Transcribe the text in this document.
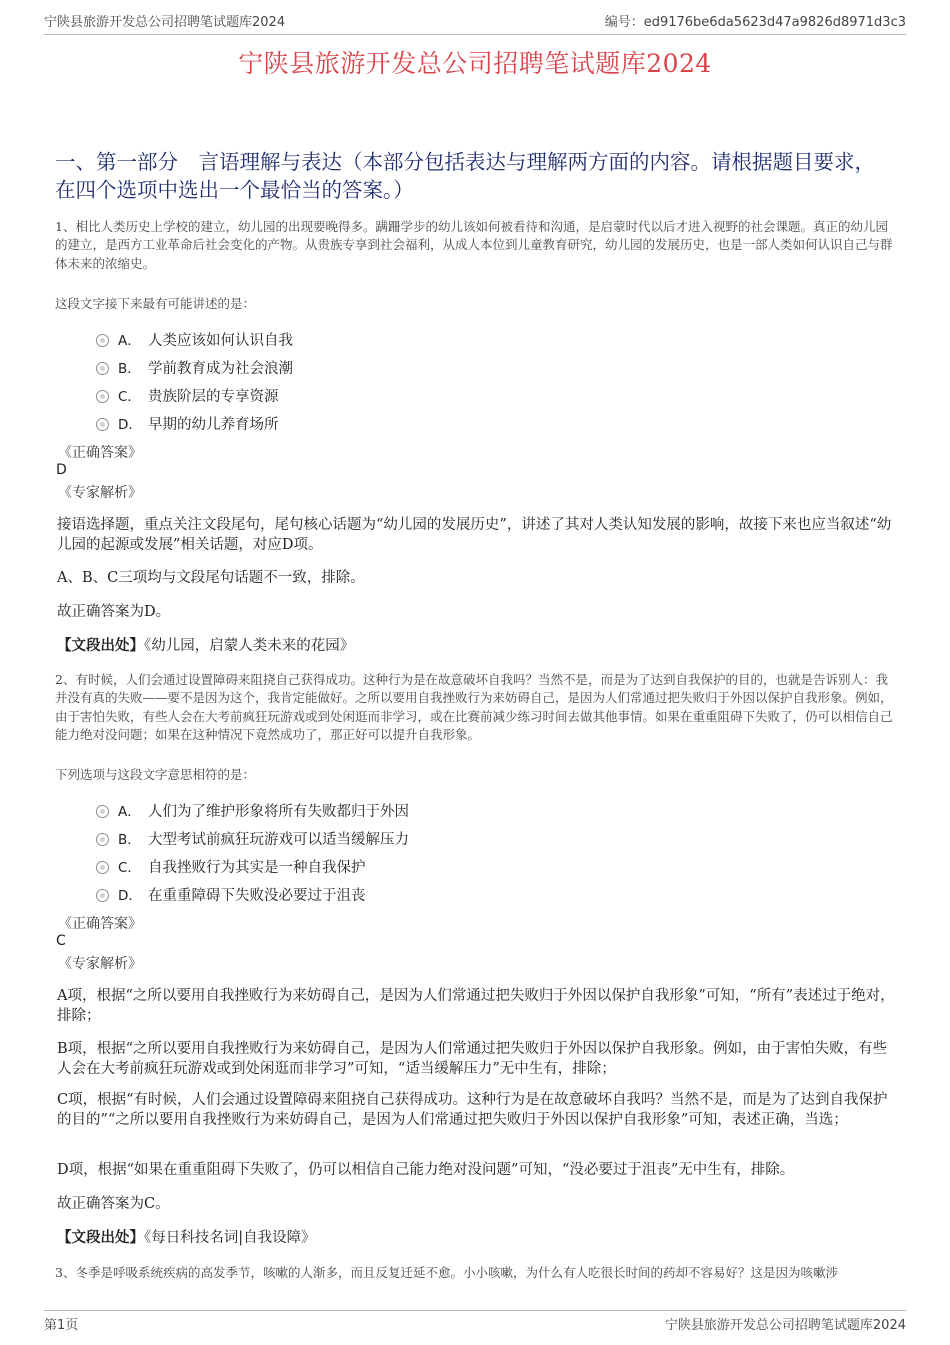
宁陕县旅游开发总公司招聘笔试题库2024	编号：ed9176be6da5623d47a9826d8971d3c3
宁陕县旅游开发总公司招聘笔试题库2024
一、第一部分　言语理解与表达（本部分包括表达与理解两方面的内容。请根据题目要求，在四个选项中选出一个最恰当的答案。）

1、相比人类历史上学校的建立，幼儿园的出现要晚得多。蹒跚学步的幼儿该如何被看待和沟通，是启蒙时代以后才进入视野的社会课题。真正的幼儿园的建立，是西方工业革命后社会变化的产物。从贵族专享到社会福利，从成人本位到儿童教育研究，幼儿园的发展历史，也是一部人类如何认识自己与群体未来的浓缩史。

这段文字接下来最有可能讲述的是：
A． 人类应该如何认识自我
B． 学前教育成为社会浪潮
C． 贵族阶层的专享资源
D． 早期的幼儿养育场所
《正确答案》
D
《专家解析》

接语选择题，重点关注文段尾句，尾句核心话题为“幼儿园的发展历史”，讲述了其对人类认知发展的影响，故接下来也应当叙述“幼儿园的起源或发展”相关话题，对应D项。

A、B、C三项均与文段尾句话题不一致，排除。

故正确答案为D。

【文段出处】《幼儿园，启蒙人类未来的花园》

2、有时候，人们会通过设置障碍来阻挠自己获得成功。这种行为是在故意破坏自我吗？当然不是，而是为了达到自我保护的目的，也就是告诉别人：我并没有真的失败——要不是因为这个，我肯定能做好。之所以要用自我挫败行为来妨碍自己，是因为人们常通过把失败归于外因以保护自我形象。例如，由于害怕失败，有些人会在大考前疯狂玩游戏或到处闲逛而非学习，或在比赛前减少练习时间去做其他事情。如果在重重阻碍下失败了，仍可以相信自己能力绝对没问题；如果在这种情况下竟然成功了，那正好可以提升自我形象。

下列选项与这段文字意思相符的是：
A． 人们为了维护形象将所有失败都归于外因
B． 大型考试前疯狂玩游戏可以适当缓解压力
C． 自我挫败行为其实是一种自我保护
D． 在重重障碍下失败没必要过于沮丧
《正确答案》
C
《专家解析》

A项，根据“之所以要用自我挫败行为来妨碍自己，是因为人们常通过把失败归于外因以保护自我形象”可知，“所有”表述过于绝对，排除；

B项，根据“之所以要用自我挫败行为来妨碍自己，是因为人们常通过把失败归于外因以保护自我形象。例如，由于害怕失败，有些人会在大考前疯狂玩游戏或到处闲逛而非学习”可知，“适当缓解压力”无中生有，排除；

C项，根据“有时候，人们会通过设置障碍来阻挠自己获得成功。这种行为是在故意破坏自我吗？当然不是，而是为了达到自我保护的目的”“之所以要用自我挫败行为来妨碍自己，是因为人们常通过把失败归于外因以保护自我形象”可知，表述正确，当选；

D项，根据“如果在重重阻碍下失败了，仍可以相信自己能力绝对没问题”可知，“没必要过于沮丧”无中生有，排除。

故正确答案为C。

【文段出处】《每日科技名词|自我设障》

3、冬季是呼吸系统疾病的高发季节，咳嗽的人渐多，而且反复迁延不愈。小小咳嗽，为什么有人吃很长时间的药却不容易好？这是因为咳嗽涉

第1页	宁陕县旅游开发总公司招聘笔试题库2024
